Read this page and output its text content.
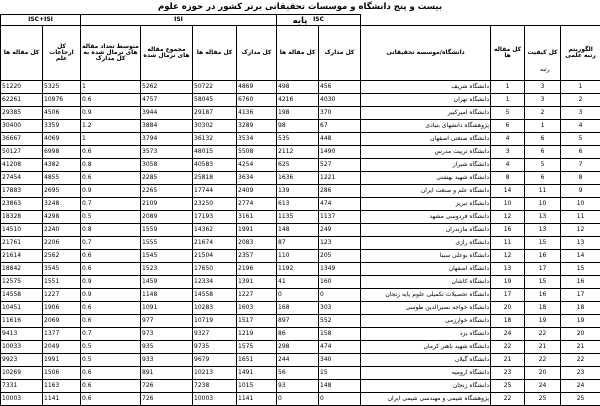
بیست و پنج دانشگاه و موسسات تحقیقاتی برتر کشور در حوزه علوم پایه
ISC+ISI		ISI				ISC					
کل مقاله ها	کل ارجاعات علم	متوسط تعداد مقاله های نرمال شده به کل مدارک	مجموع مقاله های نرمال شده	کل مقاله ها	کل مدارک	کل مقاله ها	کل مدارک	دانشگاه/موسسه تحقیقاتی	کل مقاله ها	کل کیفیت	الگوریتم رتبه علمی
51220	5325	1	5262	50722	4869	498	456	دانشگاه شریف	1	3	1
62261	10976	0.6	4757	58045	6760	4216	4030	دانشگاه تهران	1	3	2
29385	4506	0.9	3944	29187	4136	198	370	دانشگاه امیرکبیر	5	2	3
30400	3359	1.2	3884	30302	3289	98	67	پژوهشگاه دانشهای بنیادی	6	1	4
36667	4069	1	3794	36132	3534	535	448	دانشگاه صنعتی اصفهان	4	6	5
50127	6998	0.6	3573	48015	5508	2112	1490	دانشگاه تربیت مدرس	3	6	6
41208	4382	0.8	3058	40583	4254	625	527	دانشگاه شیراز	4	5	7
27454	4855	0.6	2285	25818	3634	1636	1221	دانشگاه شهید بهشتی	8	6	8
17883	2695	0.9	2265	17744	2409	139	286	دانشگاه علم و صنعت ایران	14	11	9
23863	3248	0.7	2109	23250	2774	613	474	دانشگاه تبریز	10	10	10
18328	4298	0.5	2089	17193	3161	1135	1137	دانشگاه فردوسی مشهد	12	13	11
14510	2240	0.8	1559	14362	1991	148	249	دانشگاه مازندران	16	13	12
21761	2206	0.7	1555	21674	2083	87	123	دانشگاه رازی	11	15	13
21614	2562	0.6	1545	21504	2357	110	205	دانشگاه بوعلی سینا	12	16	14
18842	3545	0.6	1523	17650	2196	1192	1349	دانشگاه اصفهان	13	17	15
12575	1551	0.9	1459	12334	1391	41	160	دانشگاه کاشان	19	15	16
14558	1227	0.9	1148	14558	1227	0	0	دانشگاه تحصیلات تکمیلی علوم پایه زنجان	17	16	17
10451	1906	0.6	1091	10283	1603	168	303	دانشگاه خواجه نصیرالدین طوسی	20	18	18
11616	2069	0.6	977	10719	1517	897	552	دانشگاه خوارزمی	18	19	19
9413	1377	0.7	973	9327	1219	86	158	دانشگاه یزد	24	22	20
10033	2049	0.5	935	9735	1575	298	474	دانشگاه شهید باهنر کرمان	22	21	21
9923	1991	0.5	933	9679	1651	244	340	دانشگاه گیلان	21	22	22
10269	1506	0.6	891	10213	1491	56	15	دانشگاه ارومیه	23	20	23
7331	1163	0.6	726	7238	1015	93	148	دانشگاه زنجان	25	24	24
10003	1141	0.6	726	10003	1141	0	0	پژوهشگاه شیمی و مهندسی شیمی ایران	22	25	25
رتبه
